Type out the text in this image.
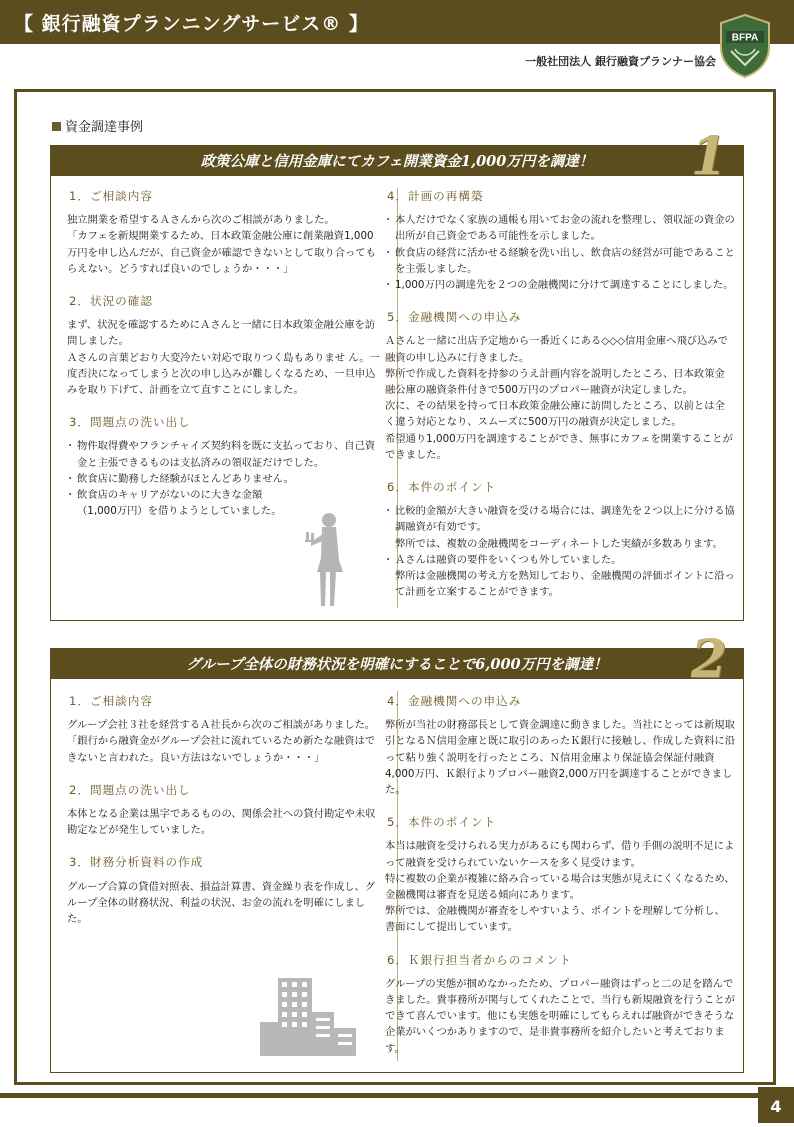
【 銀行融資プランニングサービス® 】
BFPA
一般社団法人 銀行融資プランナー協会
資金調達事例
政策公庫と信用金庫にてカフェ開業資金1,000万円を調達！	1
1．ご相談内容

独立開業を希望するＡさんから次のご相談がありました。
「カフェを新規開業するため、日本政策金融公庫に創業融資1,000万円を申し込んだが、自己資金が確認できないとして取り合ってもらえない。どうすれば良いのでしょうか・・・」

2．状況の確認

まず、状況を確認するためにＡさんと一緒に日本政策金融公庫を訪問しました。
Ａさんの言葉どおり大変冷たい対応で取りつく島もありませ ん。一度否決になってしまうと次の申し込みが難しくなるため、一旦申込みを取り下げて、計画を立て直すことにしました。

3．問題点の洗い出し
・ 物件取得費やフランチャイズ契約料を既に支払っており、自己資金と主張できるものは支払済みの領収証だけでした。
・ 飲食店に勤務した経験がほとんどありません。
・ 飲食店のキャリアがないのに大きな金額
（1,000万円）を借りようとしていました。
4．計画の再構築
・ 本人だけでなく家族の通帳も用いてお金の流れを整理し、領収証の資金の出所が自己資金である可能性を示しました。
・ 飲食店の経営に活かせる経験を洗い出し、飲食店の経営が可能であることを主張しました。
・ 1,000万円の調達先を２つの金融機関に分けて調達することにしました。
5．金融機関への申込み

Ａさんと一緒に出店予定地から一番近くにある◇◇◇信用金庫へ飛び込みで融資の申し込みに行きました。
弊所で作成した資料を持参のうえ計画内容を説明したところ、日本政策金融公庫の融資条件付きで500万円のプロパー融資が決定しました。
次に、その結果を持って日本政策金融公庫に訪問したところ、以前とは全く違う対応となり、スムーズに500万円の融資が決定しました。
希望通り1,000万円を調達することができ、無事にカフェを開業することができました。

6．本件のポイント
・ 比較的金額が大きい融資を受ける場合には、調達先を２つ以上に分ける協調融資が有効です。
弊所では、複数の金融機関をコーディネートした実績が多数あります。
・ Ａさんは融資の要件をいくつも外していました。
弊所は金融機関の考え方を熟知しており、金融機関の評価ポイントに沿って計画を立案することができます。
グループ全体の財務状況を明確にすることで6,000万円を調達！	2
1．ご相談内容

グループ会社３社を経営するＡ社長から次のご相談がありました。
「銀行から融資金がグループ会社に流れているため新たな融資はできないと言われた。良い方法はないでしょうか・・・」

2．問題点の洗い出し

本体となる企業は黒字であるものの、関係会社への貸付勘定や未収勘定などが発生していました。

3．財務分析資料の作成

グループ合算の貸借対照表、損益計算書、資金繰り表を作成し、グループ全体の財務状況、利益の状況、お金の流れを明確にしました。

4．金融機関への申込み

弊所が当社の財務部長として資金調達に動きました。当社にとっては新規取引となるＮ信用金庫と既に取引のあったＫ銀行に接触し、作成した資料に沿って粘り強く説明を行ったところ、Ｎ信用金庫より保証協会保証付融資4,000万円、Ｋ銀行よりプロパー融資2,000万円を調達することができました。

5．本件のポイント

本当は融資を受けられる実力があるにも関わらず、借り手側の説明不足によって融資を受けられていないケースを多く見受けます。
特に複数の企業が複雑に絡み合っている場合は実態が見えにくくなるため、金融機関は審査を見送る傾向にあります。
弊所では、金融機関が審査をしやすいよう、ポイントを理解して分析し、書面にして提出しています。

6．Ｋ銀行担当者からのコメント

グループの実態が掴めなかったため、プロパー融資はずっと二の足を踏んできました。貴事務所が関与してくれたことで、当行も新規融資を行うことができて喜んでいます。他にも実態を明確にしてもらえれば融資ができそうな企業がいくつかありますので、是非貴事務所を紹介したいと考えております。

4
